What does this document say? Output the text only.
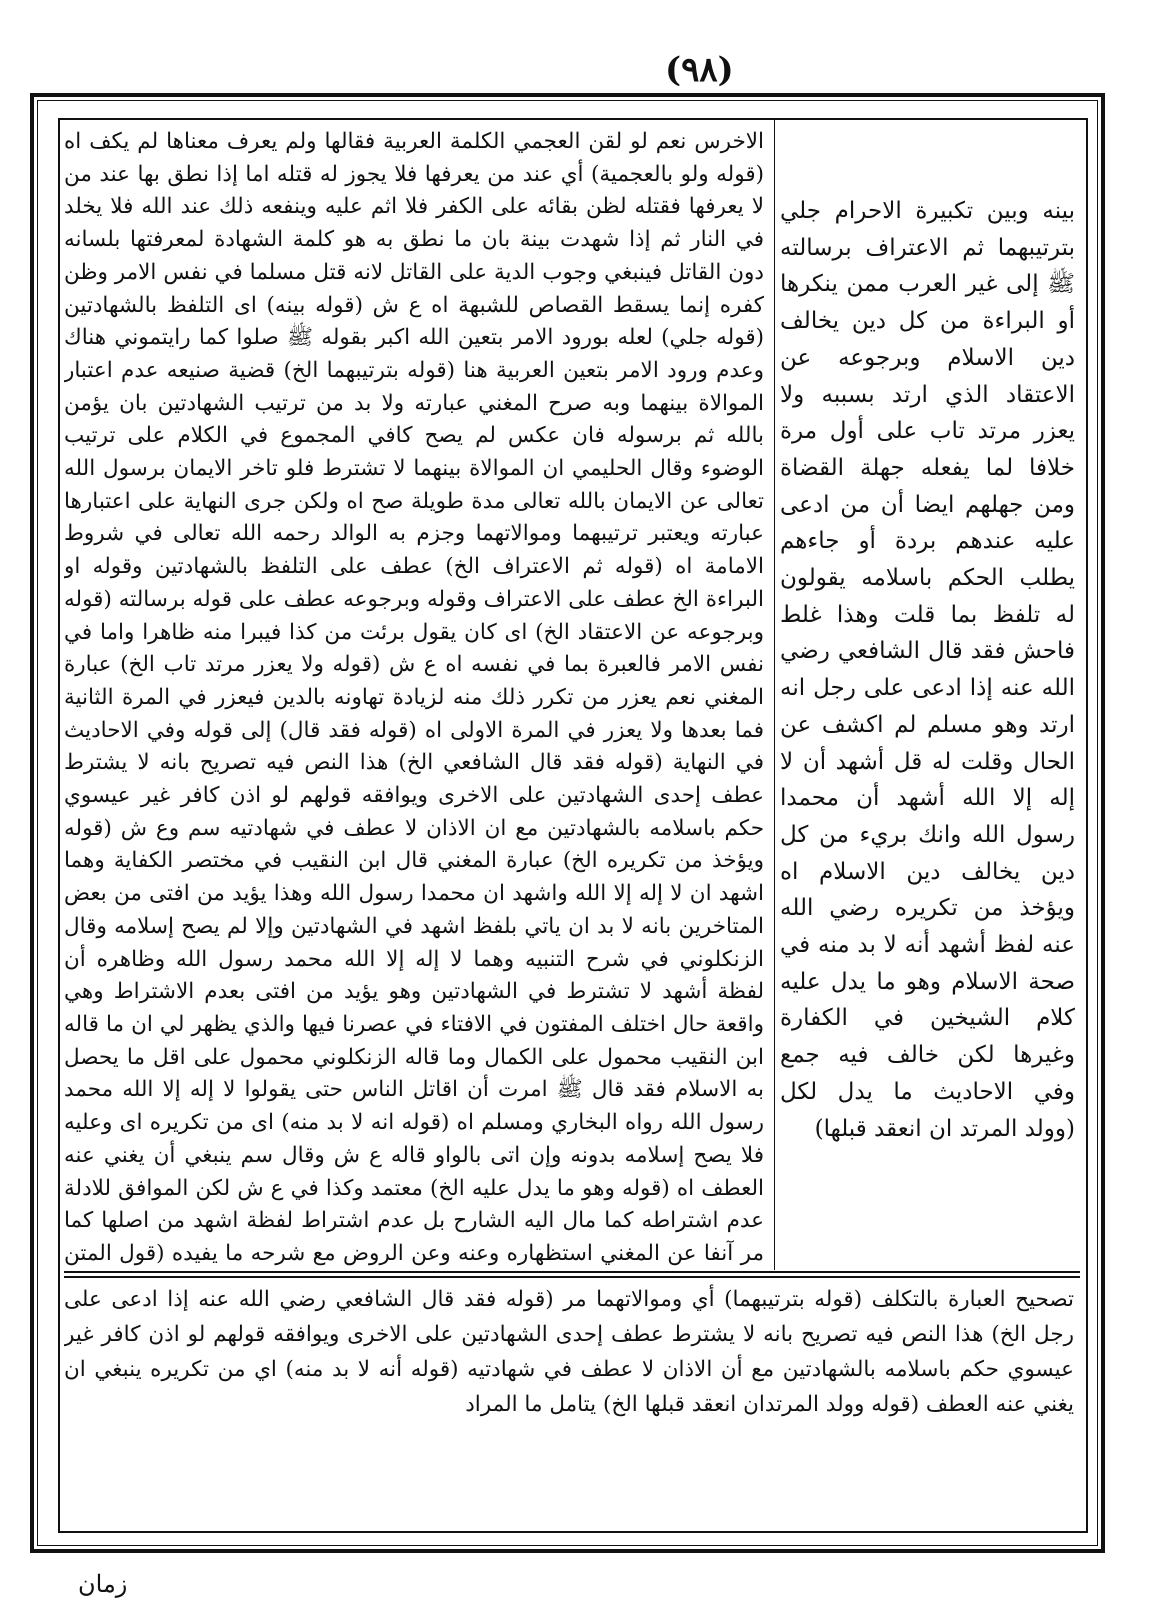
(٩٨)

الاخرس نعم لو لقن العجمي الكلمة العربية فقالها ولم يعرف معناها لم يكف اه (قوله ولو بالعجمية) أي عند من يعرفها فلا يجوز له قتله اما إذا نطق بها عند من لا يعرفها فقتله لظن بقائه على الكفر فلا اثم عليه وينفعه ذلك عند الله فلا يخلد في النار ثم إذا شهدت بينة بان ما نطق به هو كلمة الشهادة لمعرفتها بلسانه دون القاتل فينبغي وجوب الدية على القاتل لانه قتل مسلما في نفس الامر وظن كفره إنما يسقط القصاص للشبهة اه ع ش (قوله بينه) اى التلفظ بالشهادتين (قوله جلي) لعله بورود الامر بتعين الله اكبر بقوله ﷺ صلوا كما رايتموني هناك وعدم ورود الامر بتعين العربية هنا (قوله بترتيبهما الخ) قضية صنيعه عدم اعتبار الموالاة بينهما وبه صرح المغني عبارته ولا بد من ترتيب الشهادتين بان يؤمن بالله ثم برسوله فان عكس لم يصح كافي المجموع في الكلام على ترتيب الوضوء وقال الحليمي ان الموالاة بينهما لا تشترط فلو تاخر الايمان برسول الله تعالى عن الايمان بالله تعالى مدة طويلة صح اه ولكن جرى النهاية على اعتبارها عبارته ويعتبر ترتيبهما وموالاتهما وجزم به الوالد رحمه الله تعالى في شروط الامامة اه (قوله ثم الاعتراف الخ) عطف على التلفظ بالشهادتين وقوله او البراءة الخ عطف على الاعتراف وقوله وبرجوعه عطف على قوله برسالته (قوله وبرجوعه عن الاعتقاد الخ) اى كان يقول برئت من كذا فيبرا منه ظاهرا واما في نفس الامر فالعبرة بما في نفسه اه ع ش (قوله ولا يعزر مرتد تاب الخ) عبارة المغني نعم يعزر من تكرر ذلك منه لزيادة تهاونه بالدين فيعزر في المرة الثانية فما بعدها ولا يعزر في المرة الاولى اه (قوله فقد قال) إلى قوله وفي الاحاديث في النهاية (قوله فقد قال الشافعي الخ) هذا النص فيه تصريح بانه لا يشترط عطف إحدى الشهادتين على الاخرى ويوافقه قولهم لو اذن كافر غير عيسوي حكم باسلامه بالشهادتين مع ان الاذان لا عطف في شهادتيه سم وع ش (قوله ويؤخذ من تكريره الخ) عبارة المغني قال ابن النقيب في مختصر الكفاية وهما اشهد ان لا إله إلا الله واشهد ان محمدا رسول الله وهذا يؤيد من افتى من بعض المتاخرين بانه لا بد ان ياتي بلفظ اشهد في الشهادتين وإلا لم يصح إسلامه وقال الزنكلوني في شرح التنبيه وهما لا إله إلا الله محمد رسول الله وظاهره أن لفظة أشهد لا تشترط في الشهادتين وهو يؤيد من افتى بعدم الاشتراط وهي واقعة حال اختلف المفتون في الافتاء في عصرنا فيها والذي يظهر لي ان ما قاله ابن النقيب محمول على الكمال وما قاله الزنكلوني محمول على اقل ما يحصل به الاسلام فقد قال ﷺ امرت أن اقاتل الناس حتى يقولوا لا إله إلا الله محمد رسول الله رواه البخاري ومسلم اه (قوله انه لا بد منه) اى من تكريره اى وعليه فلا يصح إسلامه بدونه وإن اتى بالواو قاله ع ش وقال سم ينبغي أن يغني عنه العطف اه (قوله وهو ما يدل عليه الخ) معتمد وكذا في ع ش لكن الموافق للادلة عدم اشتراطه كما مال اليه الشارح بل عدم اشتراط لفظة اشهد من اصلها كما مر آنفا عن المغني استظهاره وعنه وعن الروض مع شرحه ما يفيده (قول المتن

تصحيح العبارة بالتكلف (قوله بترتيبهما) أي وموالاتهما مر (قوله فقد قال الشافعي رضي الله عنه إذا ادعى على رجل الخ) هذا النص فيه تصريح بانه لا يشترط عطف إحدى الشهادتين على الاخرى ويوافقه قولهم لو اذن كافر غير عيسوي حكم باسلامه بالشهادتين مع أن الاذان لا عطف في شهادتيه (قوله أنه لا بد منه) اي من تكريره ينبغي ان يغني عنه العطف (قوله وولد المرتدان انعقد قبلها الخ) يتامل ما المراد

بينه وبين تكبيرة الاحرام جلي بترتيبهما ثم الاعتراف برسالته ﷺ إلى غير العرب ممن ينكرها أو البراءة من كل دين يخالف دين الاسلام وبرجوعه عن الاعتقاد الذي ارتد بسببه ولا يعزر مرتد تاب على أول مرة خلافا لما يفعله جهلة القضاة ومن جهلهم ايضا أن من ادعى عليه عندهم بردة أو جاءهم يطلب الحكم باسلامه يقولون له تلفظ بما قلت وهذا غلط فاحش فقد قال الشافعي رضي الله عنه إذا ادعى على رجل انه ارتد وهو مسلم لم اكشف عن الحال وقلت له قل أشهد أن لا إله إلا الله أشهد أن محمدا رسول الله وانك بريء من كل دين يخالف دين الاسلام اه ويؤخذ من تكريره رضي الله عنه لفظ أشهد أنه لا بد منه في صحة الاسلام وهو ما يدل عليه كلام الشيخين في الكفارة وغيرها لكن خالف فيه جمع وفي الاحاديث ما يدل لكل (وولد المرتد ان انعقد قبلها)

زمان
